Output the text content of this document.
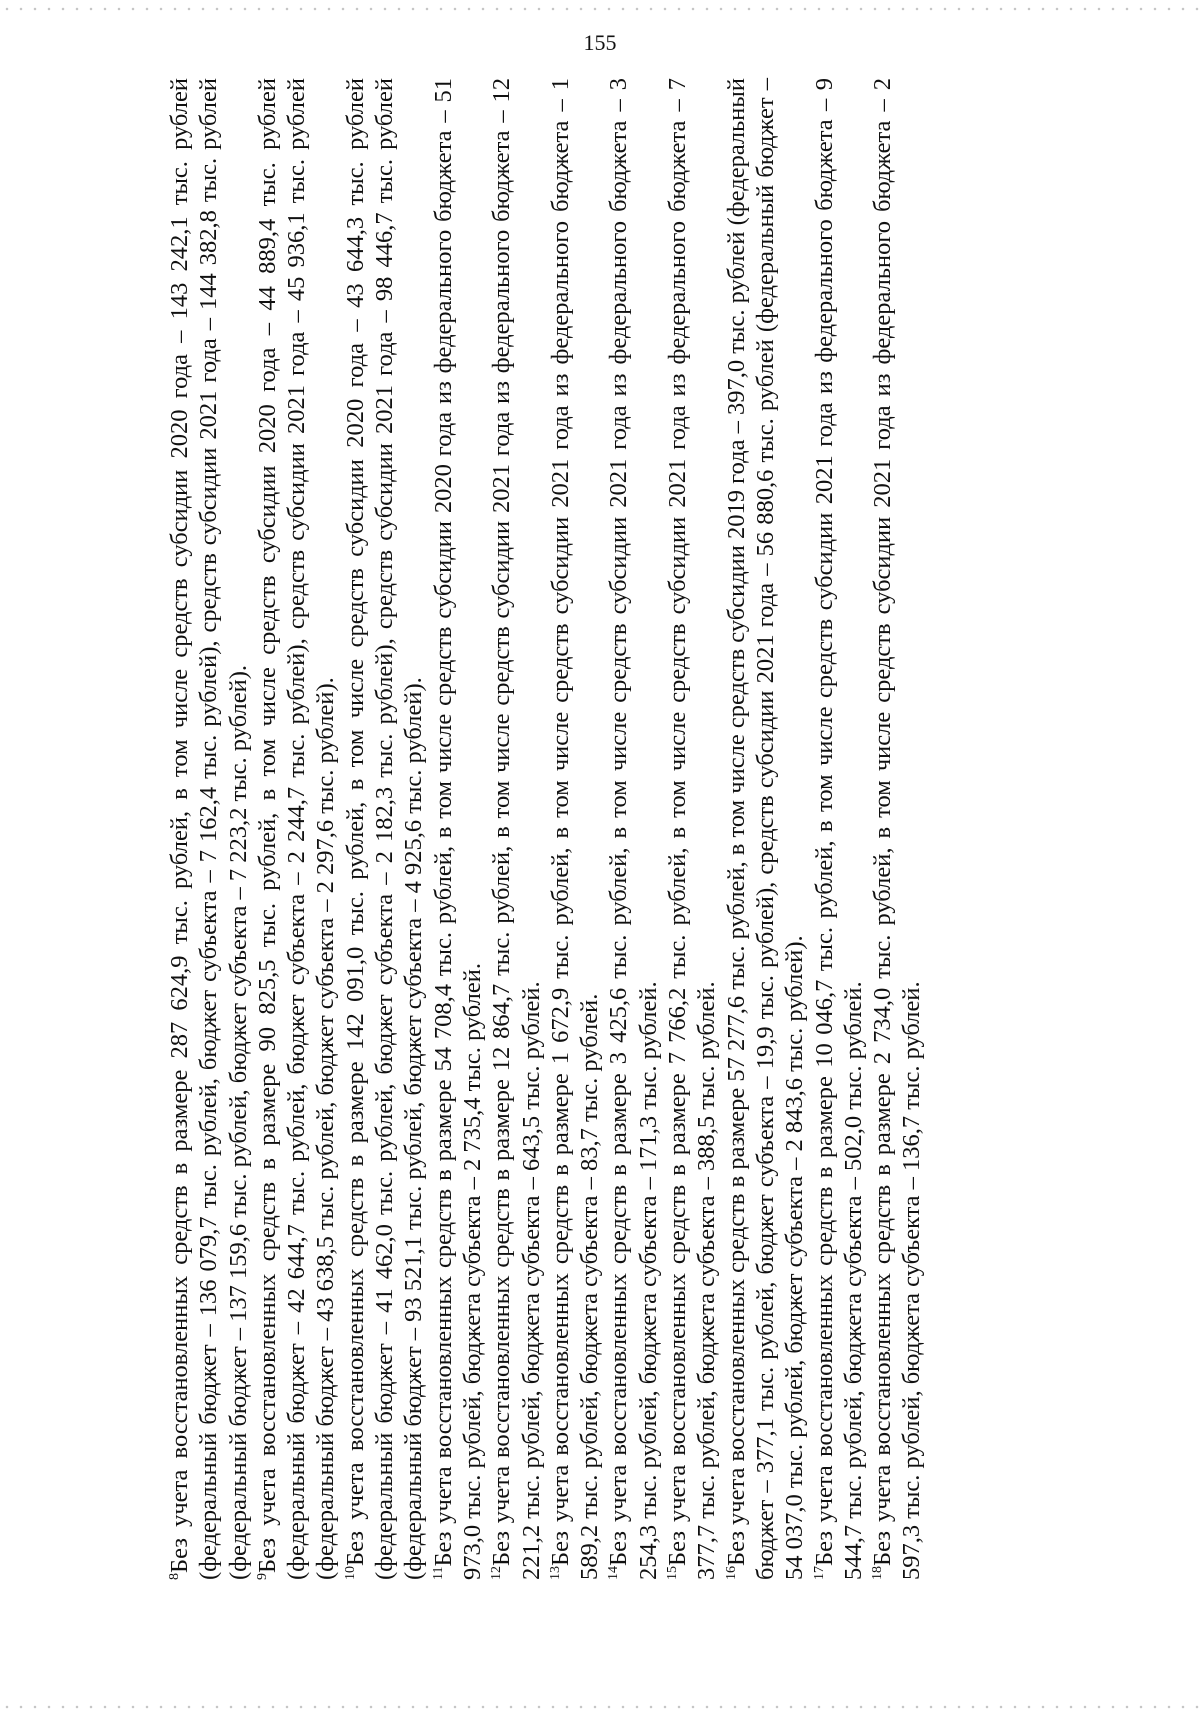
155

$^8$Без учета восстановленных средств в размере 287 624,9 тыс. рублей, в том числе средств субсидии 2020 года – 143 242,1 тыс. рублей (федеральный бюджет – 136 079,7 тыс. рублей, бюджет субъекта – 7 162,4 тыс. рублей), средств субсидии 2021 года – 144 382,8 тыс. рублей (федеральный бюджет – 137 159,6 тыс. рублей, бюджет субъекта – 7 223,2 тыс. рублей). $^9$Без учета восстановленных средств в размере 90 825,5 тыс. рублей, в том числе средств субсидии 2020 года – 44 889,4 тыс. рублей (федеральный бюджет – 42 644,7 тыс. рублей, бюджет субъекта – 2 244,7 тыс. рублей), средств субсидии 2021 года – 45 936,1 тыс. рублей (федеральный бюджет – 43 638,5 тыс. рублей, бюджет субъекта – 2 297,6 тыс. рублей). $^{10}$Без учета восстановленных средств в размере 142 091,0 тыс. рублей, в том числе средств субсидии 2020 года – 43 644,3 тыс. рублей (федеральный бюджет – 41 462,0 тыс. рублей, бюджет субъекта – 2 182,3 тыс. рублей), средств субсидии 2021 года – 98 446,7 тыс. рублей (федеральный бюджет – 93 521,1 тыс. рублей, бюджет субъекта – 4 925,6 тыс. рублей). $^{11}$Без учета восстановленных средств в размере 54 708,4 тыс. рублей, в том числе средств субсидии 2020 года из федерального бюджета – 51 973,0 тыс. рублей, бюджета субъекта – 2 735,4 тыс. рублей. $^{12}$Без учета восстановленных средств в размере 12 864,7 тыс. рублей, в том числе средств субсидии 2021 года из федерального бюджета – 12 221,2 тыс. рублей, бюджета субъекта – 643,5 тыс. рублей. $^{13}$Без учета восстановленных средств в размере 1 672,9 тыс. рублей, в том числе средств субсидии 2021 года из федерального бюджета – 1 589,2 тыс. рублей, бюджета субъекта – 83,7 тыс. рублей. $^{14}$Без учета восстановленных средств в размере 3 425,6 тыс. рублей, в том числе средств субсидии 2021 года из федерального бюджета – 3 254,3 тыс. рублей, бюджета субъекта – 171,3 тыс. рублей. $^{15}$Без учета восстановленных средств в размере 7 766,2 тыс. рублей, в том числе средств субсидии 2021 года из федерального бюджета – 7 377,7 тыс. рублей, бюджета субъекта – 388,5 тыс. рублей. $^{16}$Без учета восстановленных средств в размере 57 277,6 тыс. рублей, в том числе средств субсидии 2019 года – 397,0 тыс. рублей (федеральный бюджет – 377,1 тыс. рублей, бюджет субъекта – 19,9 тыс. рублей), средств субсидии 2021 года – 56 880,6 тыс. рублей (федеральный бюджет – 54 037,0 тыс. рублей, бюджет субъекта – 2 843,6 тыс. рублей). $^{17}$Без учета восстановленных средств в размере 10 046,7 тыс. рублей, в том числе средств субсидии 2021 года из федерального бюджета – 9 544,7 тыс. рублей, бюджета субъекта – 502,0 тыс. рублей. $^{18}$Без учета восстановленных средств в размере 2 734,0 тыс. рублей, в том числе средств субсидии 2021 года из федерального бюджета – 2 597,3 тыс. рублей, бюджета субъекта – 136,7 тыс. рублей.
